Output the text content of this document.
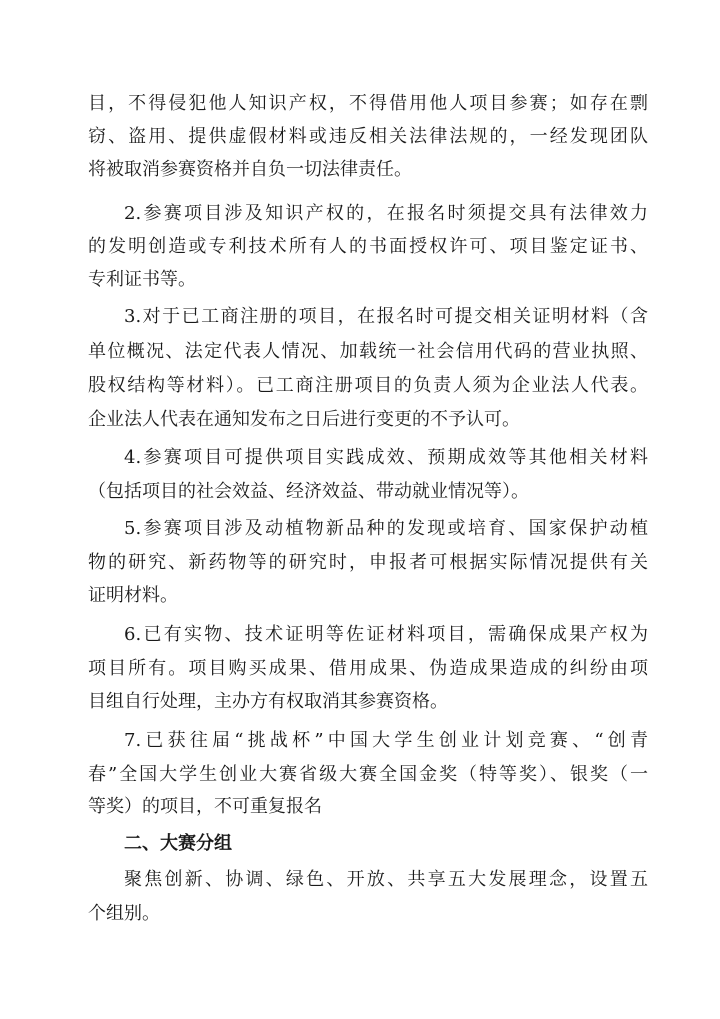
目，不得侵犯他人知识产权，不得借用他人项目参赛；如存在剽
窃、盗用、提供虚假材料或违反相关法律法规的，一经发现团队
将被取消参赛资格并自负一切法律责任。
2.参赛项目涉及知识产权的，在报名时须提交具有法律效力
的发明创造或专利技术所有人的书面授权许可、项目鉴定证书、
专利证书等。
3.对于已工商注册的项目，在报名时可提交相关证明材料（含
单位概况、法定代表人情况、加载统一社会信用代码的营业执照、
股权结构等材料）。已工商注册项目的负责人须为企业法人代表。
企业法人代表在通知发布之日后进行变更的不予认可。
4.参赛项目可提供项目实践成效、预期成效等其他相关材料
（包括项目的社会效益、经济效益、带动就业情况等）。
5.参赛项目涉及动植物新品种的发现或培育、国家保护动植
物的研究、新药物等的研究时，申报者可根据实际情况提供有关
证明材料。
6.已有实物、技术证明等佐证材料项目，需确保成果产权为
项目所有。项目购买成果、借用成果、伪造成果造成的纠纷由项
目组自行处理，主办方有权取消其参赛资格。
7.已获往届“挑战杯”中国大学生创业计划竞赛、“创青
春”全国大学生创业大赛省级大赛全国金奖（特等奖）、银奖（一
等奖）的项目，不可重复报名
二、大赛分组
聚焦创新、协调、绿色、开放、共享五大发展理念，设置五
个组别。
